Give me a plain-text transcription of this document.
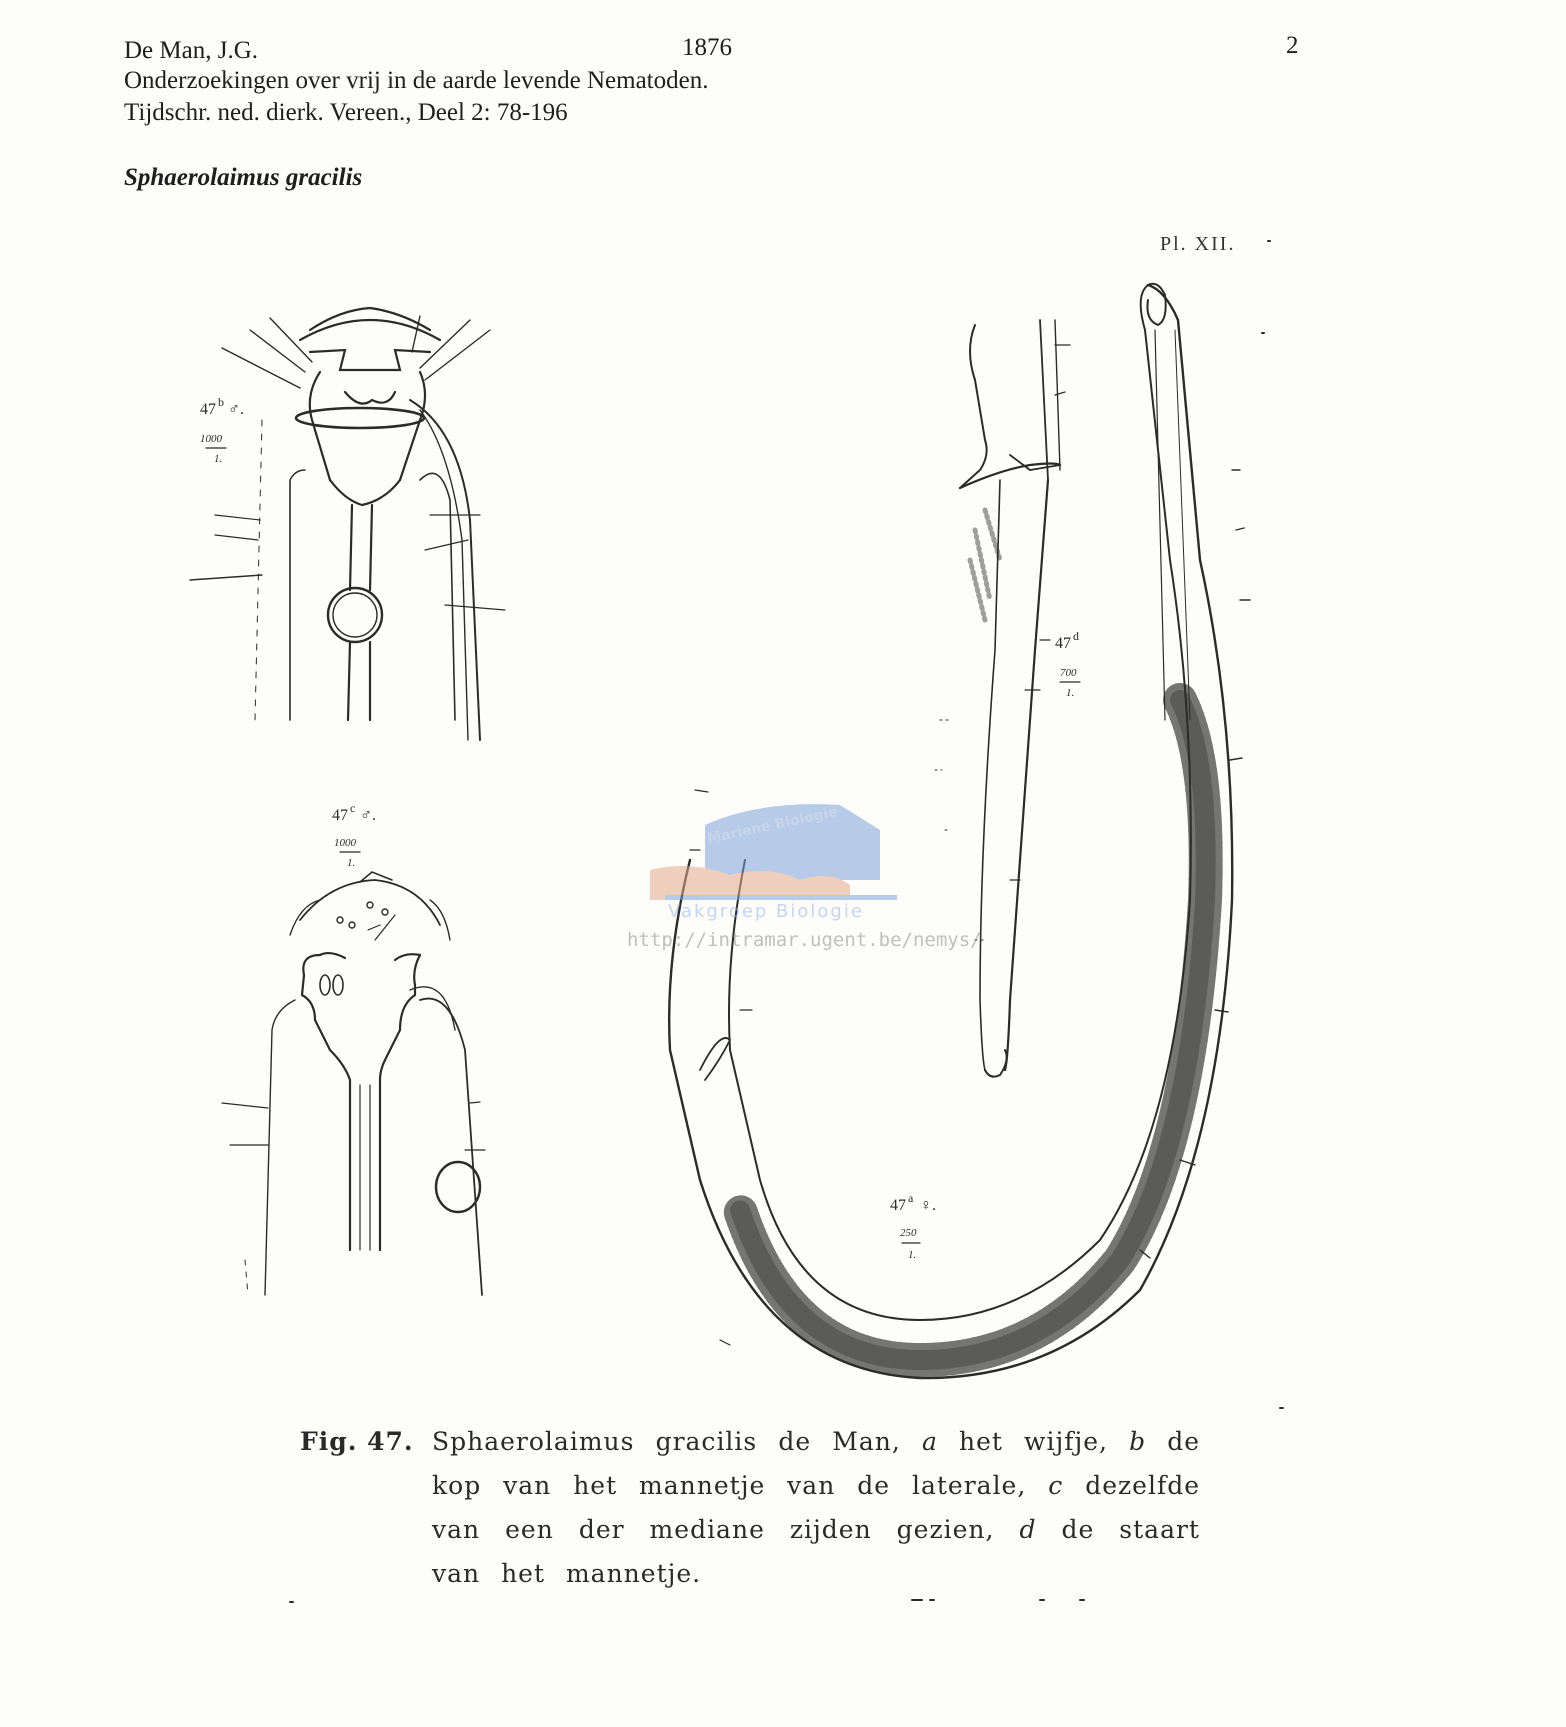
De Man, J.G.	1876	2
Onderzoekingen over vrij in de aarde levende Nematoden.
Tijdschr. ned. dierk. Vereen., Deel 2: 78-196
Sphaerolaimus gracilis
Pl. XII.
47 b ♂.
1000
1.
47 c ♂.
1000
1.
47 a ♀.
250
1.
47 d
700
1.
Mariene Biologie
Vakgroep Biologie
http://intramar.ugent.be/nemys/
Fig. 47. Sphaerolaimus gracilis de Man, a het wijfje, b de kop van het mannetje van de laterale, c dezelfde van een der mediane zijden gezien, d de staart van het mannetje.
